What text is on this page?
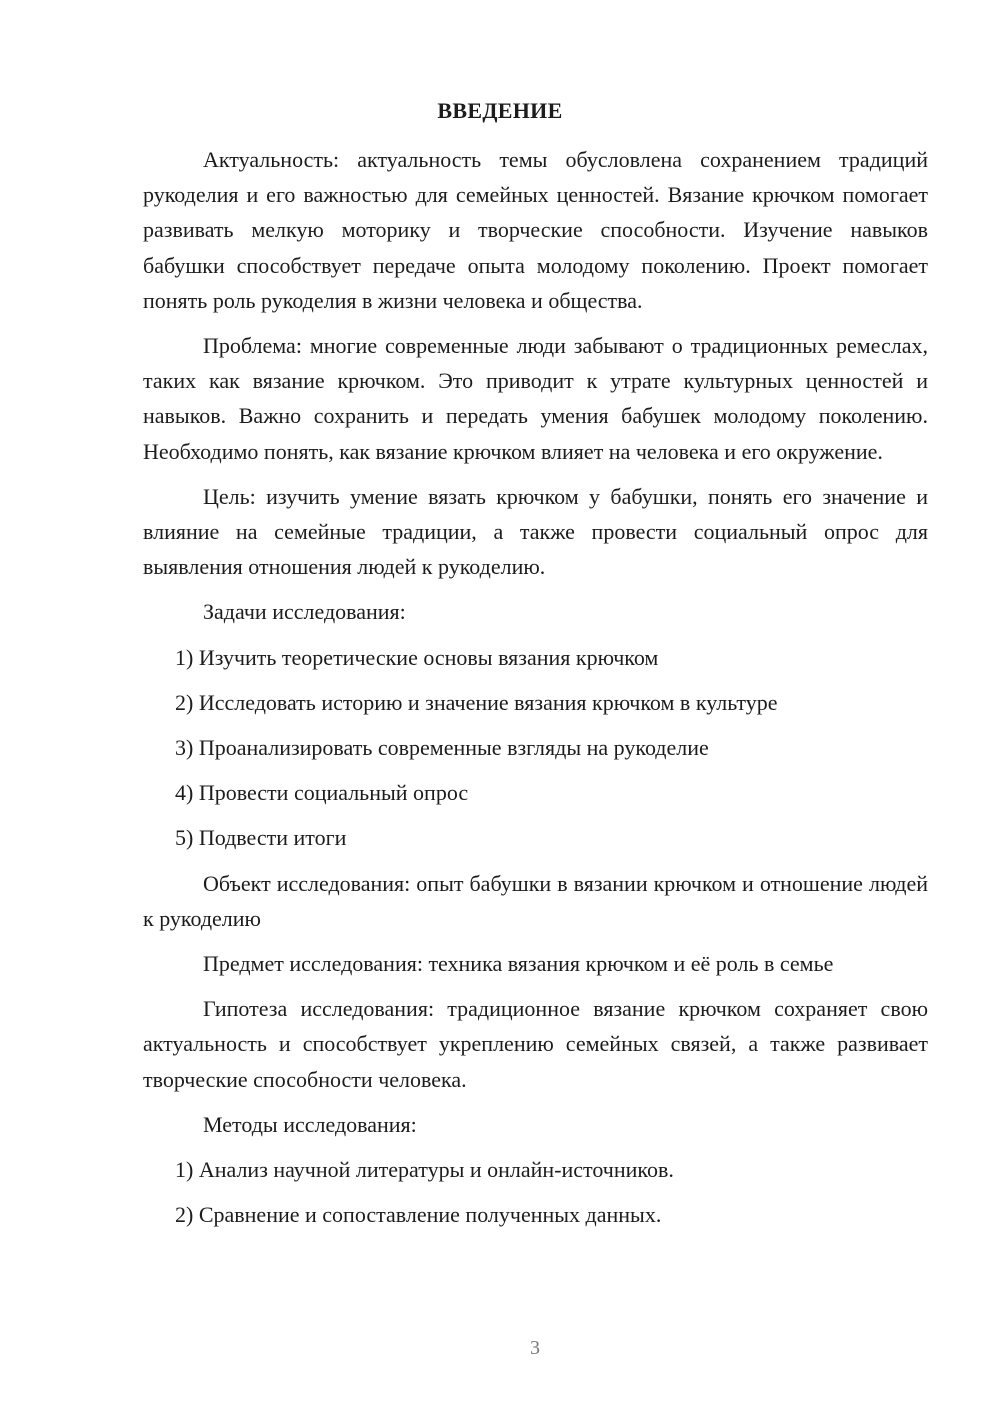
ВВЕДЕНИЕ

Актуальность: актуальность темы обусловлена сохранением традиций рукоделия и его важностью для семейных ценностей. Вязание крючком помогает развивать мелкую моторику и творческие способности. Изучение навыков бабушки способствует передаче опыта молодому поколению. Проект помогает понять роль рукоделия в жизни человека и общества.

Проблема: многие современные люди забывают о традиционных ремеслах, таких как вязание крючком. Это приводит к утрате культурных ценностей и навыков. Важно сохранить и передать умения бабушек молодому поколению. Необходимо понять, как вязание крючком влияет на человека и его окружение.

Цель: изучить умение вязать крючком у бабушки, понять его значение и влияние на семейные традиции, а также провести социальный опрос для выявления отношения людей к рукоделию.

Задачи исследования:

1) Изучить теоретические основы вязания крючком

2) Исследовать историю и значение вязания крючком в культуре

3) Проанализировать современные взгляды на рукоделие

4) Провести социальный опрос

5) Подвести итоги

Объект исследования: опыт бабушки в вязании крючком и отношение людей к рукоделию

Предмет исследования: техника вязания крючком и её роль в семье

Гипотеза исследования: традиционное вязание крючком сохраняет свою актуальность и способствует укреплению семейных связей, а также развивает творческие способности человека.

Методы исследования:

1) Анализ научной литературы и онлайн-источников.

2) Сравнение и сопоставление полученных данных.

3
